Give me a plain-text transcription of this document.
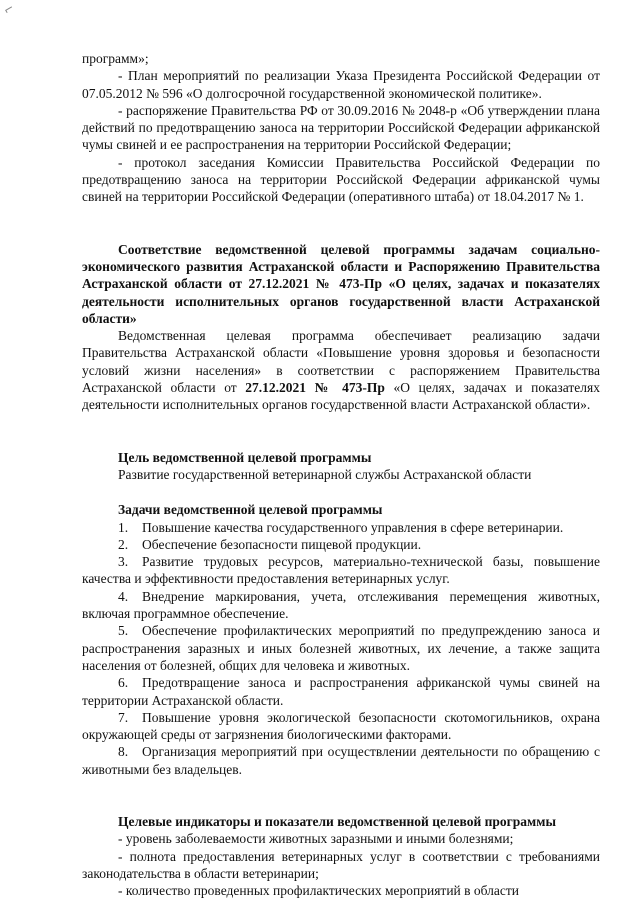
⌐

программ»;

- План мероприятий по реализации Указа Президента Российской Федерации от 07.05.2012 № 596 «О долгосрочной государственной экономической политике».

- распоряжение Правительства РФ от 30.09.2016 № 2048-р «Об утверждении плана действий по предотвращению заноса на территории Российской Федерации африканской чумы свиней и ее распространения на территории Российской Федерации;

- протокол заседания Комиссии Правительства Российской Федерации по предотвращению заноса на территории Российской Федерации африканской чумы свиней на территории Российской Федерации (оперативного штаба) от 18.04.2017 № 1.

Соответствие ведомственной целевой программы задачам социально-экономического развития Астраханской области и Распоряжению Правительства Астраханской области от 27.12.2021 № 473-Пр «О целях, задачах и показателях деятельности исполнительных органов государственной власти Астраханской области»

Ведомственная целевая программа обеспечивает реализацию задачи Правительства Астраханской области «Повышение уровня здоровья и безопасности условий жизни населения» в соответствии с распоряжением Правительства Астраханской области от 27.12.2021 № 473-Пр «О целях, задачах и показателях деятельности исполнительных органов государственной власти Астраханской области».

Цель ведомственной целевой программы

Развитие государственной ветеринарной службы Астраханской области

Задачи ведомственной целевой программы

1. Повышение качества государственного управления в сфере ветеринарии.
2. Обеспечение безопасности пищевой продукции.
3. Развитие трудовых ресурсов, материально-технической базы, повышение качества и эффективности предоставления ветеринарных услуг.
4. Внедрение маркирования, учета, отслеживания перемещения животных, включая программное обеспечение.
5. Обеспечение профилактических мероприятий по предупреждению заноса и распространения заразных и иных болезней животных, их лечение, а также защита населения от болезней, общих для человека и животных.
6. Предотвращение заноса и распространения африканской чумы свиней на территории Астраханской области.
7. Повышение уровня экологической безопасности скотомогильников, охрана окружающей среды от загрязнения биологическими факторами.
8. Организация мероприятий при осуществлении деятельности по обращению с животными без владельцев.

Целевые индикаторы и показатели ведомственной целевой программы

- уровень заболеваемости животных заразными и иными болезнями;

- полнота предоставления ветеринарных услуг в соответствии с требованиями законодательства в области ветеринарии;

- количество проведенных профилактических мероприятий в области
